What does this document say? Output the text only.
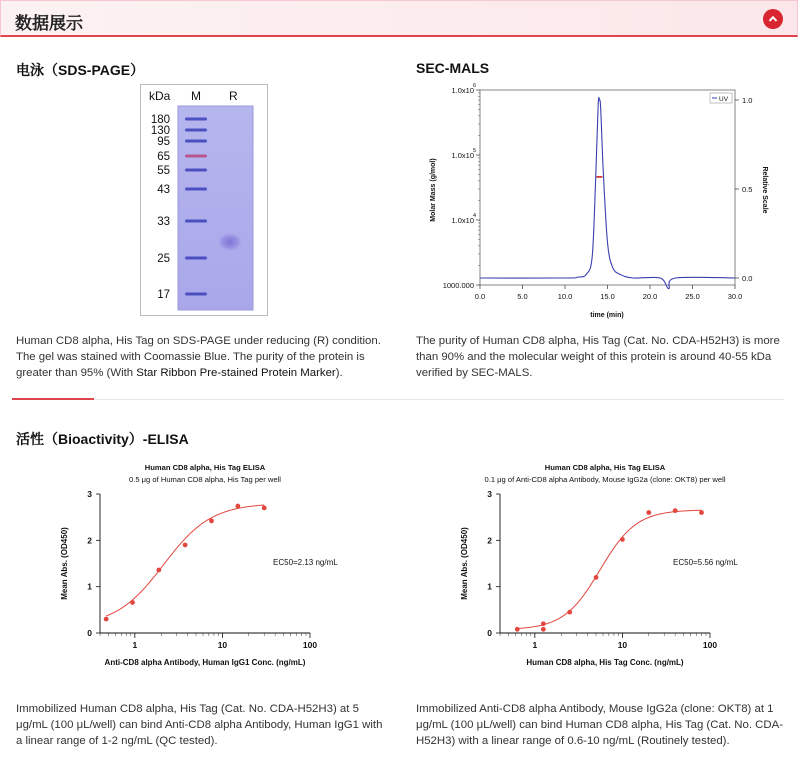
数据展示
电泳（SDS-PAGE）
kDa M R
180
130
95
65
55
43
33
25
17
Human CD8 alpha, His Tag on SDS-PAGE under reducing (R) condition. The gel was stained with Coomassie Blue. The purity of the protein is greater than 95% (With Star Ribbon Pre-stained Protein Marker).
SEC-MALS
0.0	5.0	10.0	15.0	20.0	25.0	30.0
1000.000
1.0x10 4
1.0x10 5
1.0x10 6
0.0
0.5
1.0
UV
time (min)
Molar Mass (g/mol)	Relative Scale
The purity of Human CD8 alpha, His Tag (Cat. No. CDA-H52H3) is more than 90% and the molecular weight of this protein is around 40-55 kDa verified by SEC-MALS.
活性（Bioactivity）-ELISA
Human CD8 alpha, His Tag ELISA
0.5 μg of Human CD8 alpha, His Tag per well
0
1
2
3
1	10	100
Anti-CD8 alpha Antibody, Human IgG1 Conc. (ng/mL)
Mean Abs. (OD450)	EC50=2.13 ng/mL
Human CD8 alpha, His Tag ELISA
0.1 μg of Anti-CD8 alpha Antibody, Mouse IgG2a (clone: OKT8) per well
0
1
2
3
1	10	100
Human CD8 alpha, His Tag Conc. (ng/mL)
Mean Abs. (OD450)	EC50=5.56 ng/mL
Immobilized Human CD8 alpha, His Tag (Cat. No. CDA-H52H3) at 5 μg/mL (100 μL/well) can bind Anti-CD8 alpha Antibody, Human IgG1 with a linear range of 1-2 ng/mL (QC tested).
Immobilized Anti-CD8 alpha Antibody, Mouse IgG2a (clone: OKT8) at 1 μg/mL (100 μL/well) can bind Human CD8 alpha, His Tag (Cat. No. CDA-H52H3) with a linear range of 0.6-10 ng/mL (Routinely tested).
